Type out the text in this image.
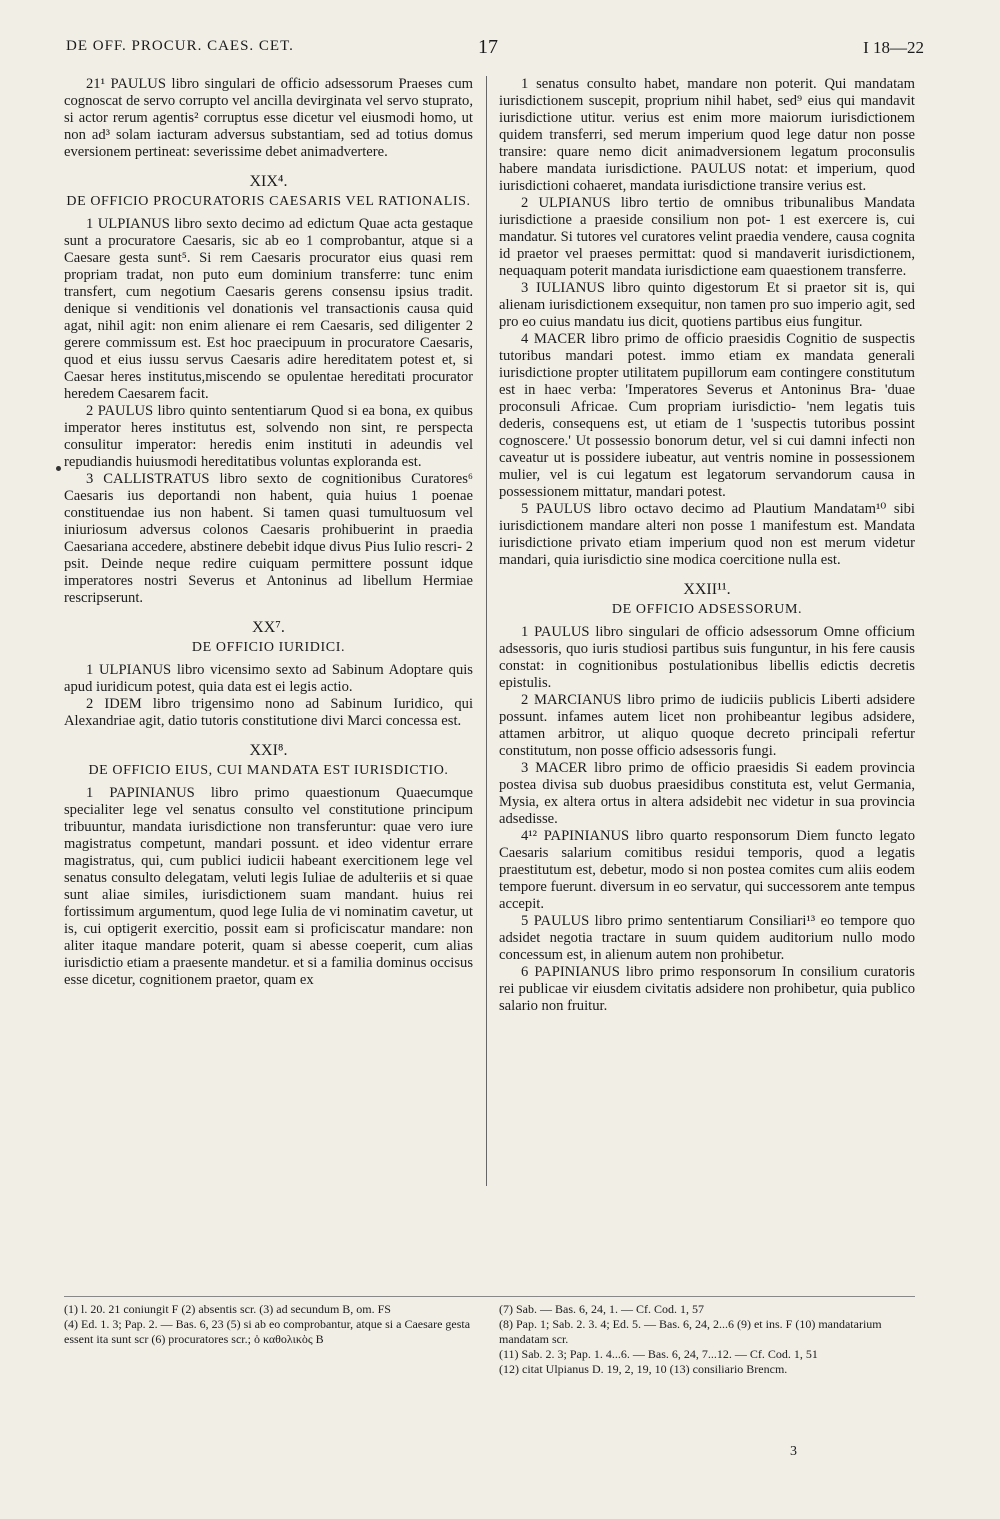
DE OFF. PROCUR. CAES. CET.	17	I 18—22

21¹ PAULUS libro singulari de officio adsessorum Praeses cum cognoscat de servo corrupto vel ancilla devirginata vel servo stuprato, si actor rerum agentis² corruptus esse dicetur vel eiusmodi homo, ut non ad³ solam iacturam adversus substantiam, sed ad totius domus eversionem pertineat: severissime debet animadvertere.

XIX⁴.
DE OFFICIO PROCURATORIS CAESARIS VEL RATIONALIS.

1 ULPIANUS libro sexto decimo ad edictum Quae acta gestaque sunt a procuratore Caesaris, sic ab eo 1 comprobantur, atque si a Caesare gesta sunt⁵. Si rem Caesaris procurator eius quasi rem propriam tradat, non puto eum dominium transferre: tunc enim transfert, cum negotium Caesaris gerens consensu ipsius tradit. denique si venditionis vel donationis vel transactionis causa quid agat, nihil agit: non enim alienare ei rem Caesaris, sed diligenter 2 gerere commissum est. Est hoc praecipuum in procuratore Caesaris, quod et eius iussu servus Caesaris adire hereditatem potest et, si Caesar heres institutus,miscendo se opulentae hereditati procurator heredem Caesarem facit.

2 PAULUS libro quinto sententiarum Quod si ea bona, ex quibus imperator heres institutus est, solvendo non sint, re perspecta consulitur imperator: heredis enim instituti in adeundis vel repudiandis huiusmodi hereditatibus voluntas exploranda est.

3 CALLISTRATUS libro sexto de cognitionibus Curatores⁶ Caesaris ius deportandi non habent, quia huius 1 poenae constituendae ius non habent. Si tamen quasi tumultuosum vel iniuriosum adversus colonos Caesaris prohibuerint in praedia Caesariana accedere, abstinere debebit idque divus Pius Iulio rescri- 2 psit. Deinde neque redire cuiquam permittere possunt idque imperatores nostri Severus et Antoninus ad libellum Hermiae rescripserunt.

XX⁷.
DE OFFICIO IURIDICI.

1 ULPIANUS libro vicensimo sexto ad Sabinum Adoptare quis apud iuridicum potest, quia data est ei legis actio.

2 IDEM libro trigensimo nono ad Sabinum Iuridico, qui Alexandriae agit, datio tutoris constitutione divi Marci concessa est.

XXI⁸.
DE OFFICIO EIUS, CUI MANDATA EST IURISDICTIO.

1 PAPINIANUS libro primo quaestionum Quaecumque specialiter lege vel senatus consulto vel constitutione principum tribuuntur, mandata iurisdictione non transferuntur: quae vero iure magistratus competunt, mandari possunt. et ideo videntur errare magistratus, qui, cum publici iudicii habeant exercitionem lege vel senatus consulto delegatam, veluti legis Iuliae de adulteriis et si quae sunt aliae similes, iurisdictionem suam mandant. huius rei fortissimum argumentum, quod lege Iulia de vi nominatim cavetur, ut is, cui optigerit exercitio, possit eam si proficiscatur mandare: non aliter itaque mandare poterit, quam si abesse coeperit, cum alias iurisdictio etiam a praesente mandetur. et si a familia dominus occisus esse dicetur, cognitionem praetor, quam ex

1 senatus consulto habet, mandare non poterit. Qui mandatam iurisdictionem suscepit, proprium nihil habet, sed⁹ eius qui mandavit iurisdictione utitur. verius est enim more maiorum iurisdictionem quidem transferri, sed merum imperium quod lege datur non posse transire: quare nemo dicit animadversionem legatum proconsulis habere mandata iurisdictione. PAULUS notat: et imperium, quod iurisdictioni cohaeret, mandata iurisdictione transire verius est.

2 ULPIANUS libro tertio de omnibus tribunalibus Mandata iurisdictione a praeside consilium non pot- 1 est exercere is, cui mandatur. Si tutores vel curatores velint praedia vendere, causa cognita id praetor vel praeses permittat: quod si mandaverit iurisdictionem, nequaquam poterit mandata iurisdictione eam quaestionem transferre.

3 IULIANUS libro quinto digestorum Et si praetor sit is, qui alienam iurisdictionem exsequitur, non tamen pro suo imperio agit, sed pro eo cuius mandatu ius dicit, quotiens partibus eius fungitur.

4 MACER libro primo de officio praesidis Cognitio de suspectis tutoribus mandari potest. immo etiam ex mandata generali iurisdictione propter utilitatem pupillorum eam contingere constitutum est in haec verba: 'Imperatores Severus et Antoninus Bra- 'duae proconsuli Africae. Cum propriam iurisdictio- 'nem legatis tuis dederis, consequens est, ut etiam de 1 'suspectis tutoribus possint cognoscere.' Ut possessio bonorum detur, vel si cui damni infecti non caveatur ut is possidere iubeatur, aut ventris nomine in possessionem mulier, vel is cui legatum est legatorum servandorum causa in possessionem mittatur, mandari potest.

5 PAULUS libro octavo decimo ad Plautium Mandatam¹⁰ sibi iurisdictionem mandare alteri non posse 1 manifestum est. Mandata iurisdictione privato etiam imperium quod non est merum videtur mandari, quia iurisdictio sine modica coercitione nulla est.

XXII¹¹.
DE OFFICIO ADSESSORUM.

1 PAULUS libro singulari de officio adsessorum Omne officium adsessoris, quo iuris studiosi partibus suis funguntur, in his fere causis constat: in cognitionibus postulationibus libellis edictis decretis epistulis.

2 MARCIANUS libro primo de iudiciis publicis Liberti adsidere possunt. infames autem licet non prohibeantur legibus adsidere, attamen arbitror, ut aliquo quoque decreto principali refertur constitutum, non posse officio adsessoris fungi.

3 MACER libro primo de officio praesidis Si eadem provincia postea divisa sub duobus praesidibus constituta est, velut Germania, Mysia, ex altera ortus in altera adsidebit nec videtur in sua provincia adsedisse.

4¹² PAPINIANUS libro quarto responsorum Diem functo legato Caesaris salarium comitibus residui temporis, quod a legatis praestitutum est, debetur, modo si non postea comites cum aliis eodem tempore fuerunt. diversum in eo servatur, qui successorem ante tempus accepit.

5 PAULUS libro primo sententiarum Consiliari¹³ eo tempore quo adsidet negotia tractare in suum quidem auditorium nullo modo concessum est, in alienum autem non prohibetur.

6 PAPINIANUS libro primo responsorum In consilium curatoris rei publicae vir eiusdem civitatis adsidere non prohibetur, quia publico salario non fruitur.

(1) l. 20. 21 coniungit F (2) absentis scr. (3) ad secundum B, om. FS
(4) Ed. 1. 3; Pap. 2. — Bas. 6, 23 (5) si ab eo comprobantur, atque si a Caesare gesta essent ita sunt scr (6) procuratores scr.; ὁ καθολικὸς B
(7) Sab. — Bas. 6, 24, 1. — Cf. Cod. 1, 57
(8) Pap. 1; Sab. 2. 3. 4; Ed. 5. — Bas. 6, 24, 2...6 (9) et ins. F (10) mandatarium mandatam scr.
(11) Sab. 2. 3; Pap. 1. 4...6. — Bas. 6, 24, 7...12. — Cf. Cod. 1, 51
(12) citat Ulpianus D. 19, 2, 19, 10 (13) consiliario Brencm.
3
